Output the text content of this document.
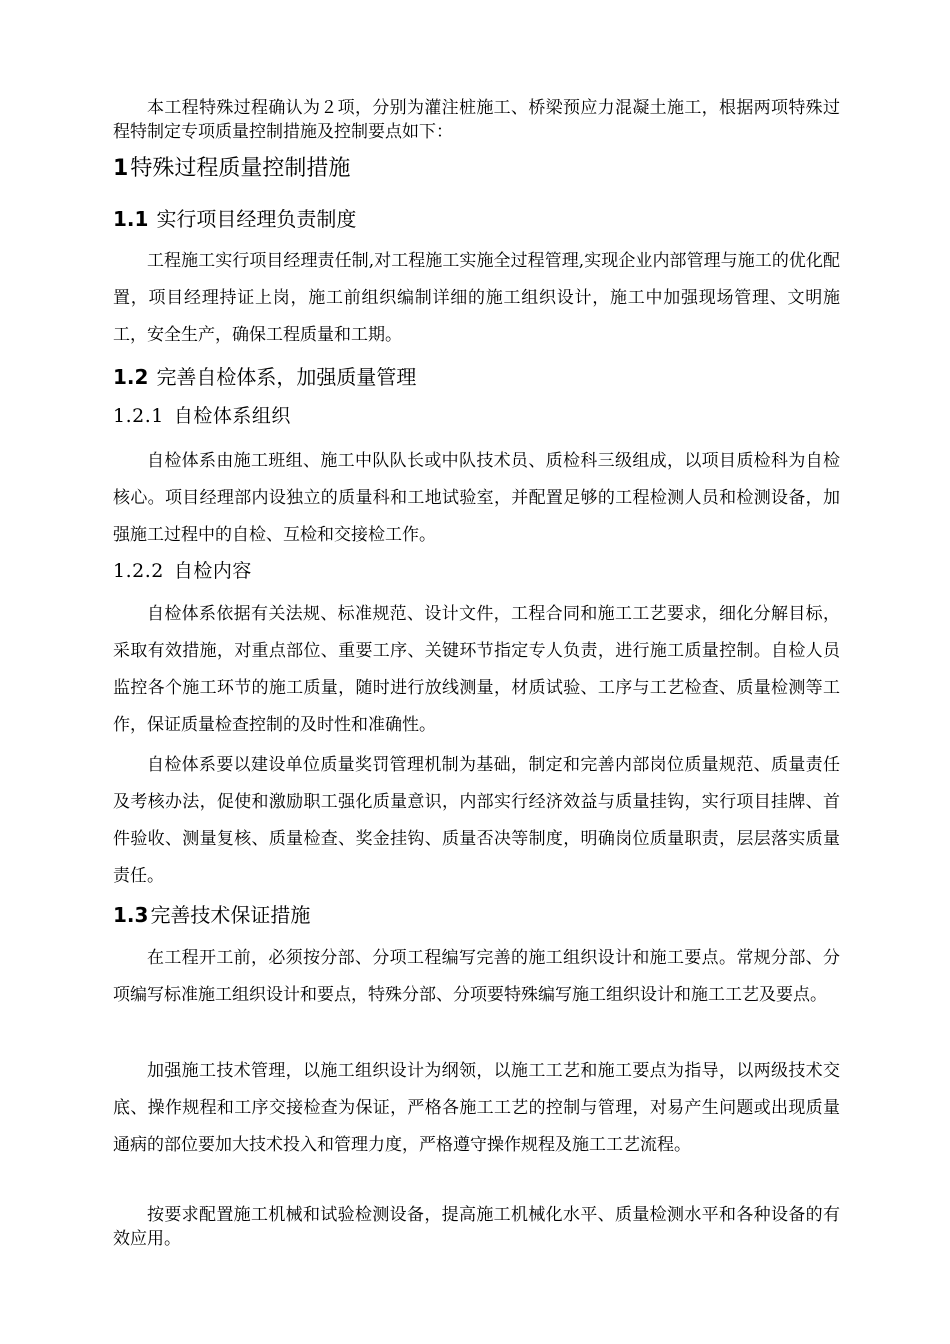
本工程特殊过程确认为２项，分别为灌注桩施工、桥梁预应力混凝土施工，根据两项特殊过程特制定专项质量控制措施及控制要点如下：

1特殊过程质量控制措施

1.1 实行项目经理负责制度

工程施工实行项目经理责任制,对工程施工实施全过程管理,实现企业内部管理与施工的优化配置，项目经理持证上岗，施工前组织编制详细的施工组织设计，施工中加强现场管理、文明施工，安全生产，确保工程质量和工期。

1.2 完善自检体系，加强质量管理

1.2.1 自检体系组织

自检体系由施工班组、施工中队队长或中队技术员、质检科三级组成，以项目质检科为自检核心。项目经理部内设独立的质量科和工地试验室，并配置足够的工程检测人员和检测设备，加强施工过程中的自检、互检和交接检工作。

1.2.2 自检内容

自检体系依据有关法规、标准规范、设计文件，工程合同和施工工艺要求，细化分解目标，采取有效措施，对重点部位、重要工序、关键环节指定专人负责，进行施工质量控制。自检人员监控各个施工环节的施工质量，随时进行放线测量，材质试验、工序与工艺检查、质量检测等工作，保证质量检查控制的及时性和准确性。

自检体系要以建设单位质量奖罚管理机制为基础，制定和完善内部岗位质量规范、质量责任及考核办法，促使和激励职工强化质量意识，内部实行经济效益与质量挂钩，实行项目挂牌、首件验收、测量复核、质量检查、奖金挂钩、质量否决等制度，明确岗位质量职责，层层落实质量责任。

1.3 完善技术保证措施

在工程开工前，必须按分部、分项工程编写完善的施工组织设计和施工要点。常规分部、分项编写标准施工组织设计和要点，特殊分部、分项要特殊编写施工组织设计和施工工艺及要点。

加强施工技术管理，以施工组织设计为纲领，以施工工艺和施工要点为指导，以两级技术交底、操作规程和工序交接检查为保证，严格各施工工艺的控制与管理，对易产生问题或出现质量通病的部位要加大技术投入和管理力度，严格遵守操作规程及施工工艺流程。

按要求配置施工机械和试验检测设备，提高施工机械化水平、质量检测水平和各种设备的有效应用。
